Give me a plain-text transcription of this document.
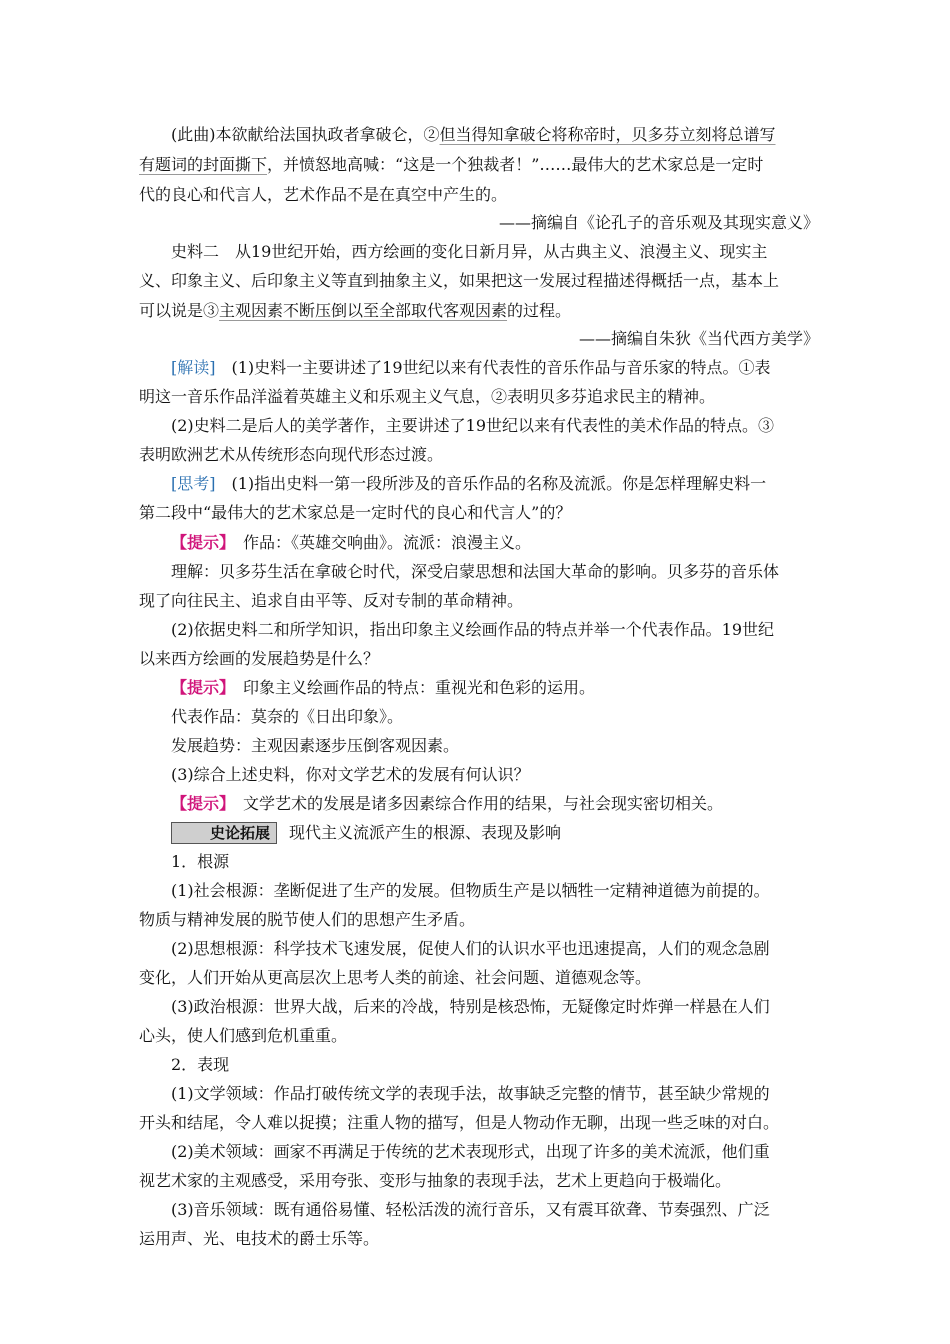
(此曲)本欲献给法国执政者拿破仑，②但当得知拿破仑将称帝时，贝多芬立刻将总谱写

有题词的封面撕下，并愤怒地高喊：“这是一个独裁者！”……最伟大的艺术家总是一定时

代的良心和代言人，艺术作品不是在真空中产生的。

——摘编自《论孔子的音乐观及其现实意义》

史料二　从19世纪开始，西方绘画的变化日新月异，从古典主义、浪漫主义、现实主

义、印象主义、后印象主义等直到抽象主义，如果把这一发展过程描述得概括一点，基本上

可以说是③主观因素不断压倒以至全部取代客观因素的过程。

——摘编自朱狄《当代西方美学》

[解读]　(1)史料一主要讲述了19世纪以来有代表性的音乐作品与音乐家的特点。①表

明这一音乐作品洋溢着英雄主义和乐观主义气息，②表明贝多芬追求民主的精神。

(2)史料二是后人的美学著作，主要讲述了19世纪以来有代表性的美术作品的特点。③

表明欧洲艺术从传统形态向现代形态过渡。

[思考]　(1)指出史料一第一段所涉及的音乐作品的名称及流派。你是怎样理解史料一

第二段中“最伟大的艺术家总是一定时代的良心和代言人”的？

【提示】　作品：《英雄交响曲》。流派：浪漫主义。

理解：贝多芬生活在拿破仑时代，深受启蒙思想和法国大革命的影响。贝多芬的音乐体

现了向往民主、追求自由平等、反对专制的革命精神。

(2)依据史料二和所学知识，指出印象主义绘画作品的特点并举一个代表作品。19世纪

以来西方绘画的发展趋势是什么？

【提示】　印象主义绘画作品的特点：重视光和色彩的运用。

代表作品：莫奈的《日出印象》。

发展趋势：主观因素逐步压倒客观因素。

(3)综合上述史料，你对文学艺术的发展有何认识？

【提示】　文学艺术的发展是诸多因素综合作用的结果，与社会现实密切相关。

史论拓展 现代主义流派产生的根源、表现及影响

1．根源

(1)社会根源：垄断促进了生产的发展。但物质生产是以牺牲一定精神道德为前提的。

物质与精神发展的脱节使人们的思想产生矛盾。

(2)思想根源：科学技术飞速发展，促使人们的认识水平也迅速提高，人们的观念急剧

变化，人们开始从更高层次上思考人类的前途、社会问题、道德观念等。

(3)政治根源：世界大战，后来的冷战，特别是核恐怖，无疑像定时炸弹一样悬在人们

心头，使人们感到危机重重。

2．表现

(1)文学领域：作品打破传统文学的表现手法，故事缺乏完整的情节，甚至缺少常规的

开头和结尾，令人难以捉摸；注重人物的描写，但是人物动作无聊，出现一些乏味的对白。

(2)美术领域：画家不再满足于传统的艺术表现形式，出现了许多的美术流派，他们重

视艺术家的主观感受，采用夸张、变形与抽象的表现手法，艺术上更趋向于极端化。

(3)音乐领域：既有通俗易懂、轻松活泼的流行音乐，又有震耳欲聋、节奏强烈、广泛

运用声、光、电技术的爵士乐等。
